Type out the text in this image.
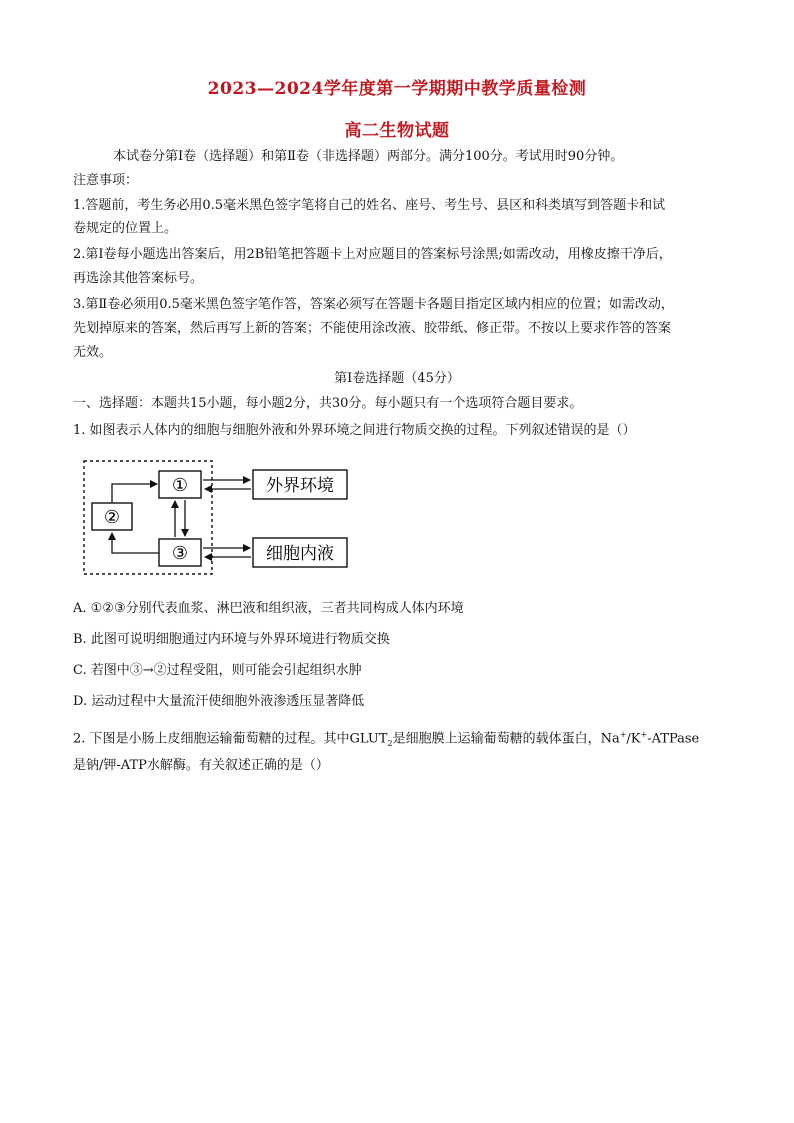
2023—2024学年度第一学期期中教学质量检测
高二生物试题
本试卷分第Ⅰ卷（选择题）和第Ⅱ卷（非选择题）两部分。满分100分。考试用时90分钟。
注意事项：
1.答题前，考生务必用0.5毫米黑色签字笔将自己的姓名、座号、考生号、县区和科类填写到答题卡和试
卷规定的位置上。
2.第Ⅰ卷每小题选出答案后，用2B铅笔把答题卡上对应题目的答案标号涂黑;如需改动，用橡皮擦干净后，
再选涂其他答案标号。
3.第Ⅱ卷必须用0.5毫米黑色签字笔作答，答案必须写在答题卡各题目指定区域内相应的位置；如需改动，
先划掉原来的答案，然后再写上新的答案；不能使用涂改液、胶带纸、修正带。不按以上要求作答的答案
无效。
第Ⅰ卷选择题（45分）
一、选择题：本题共15小题，每小题2分，共30分。每小题只有一个选项符合题目要求。
1. 如图表示人体内的细胞与细胞外液和外界环境之间进行物质交换的过程。下列叙述错误的是（）
①
②
③
外界环境
细胞内液
A. ①②③分别代表血浆、淋巴液和组织液，三者共同构成人体内环境
B. 此图可说明细胞通过内环境与外界环境进行物质交换
C. 若图中③→②过程受阻，则可能会引起组织水肿
D. 运动过程中大量流汗使细胞外液渗透压显著降低
2. 下图是小肠上皮细胞运输葡萄糖的过程。其中$GLUT_2$是细胞膜上运输葡萄糖的载体蛋白，Na+/K+-ATPase
是钠/钾-ATP水解酶。有关叙述正确的是（）
